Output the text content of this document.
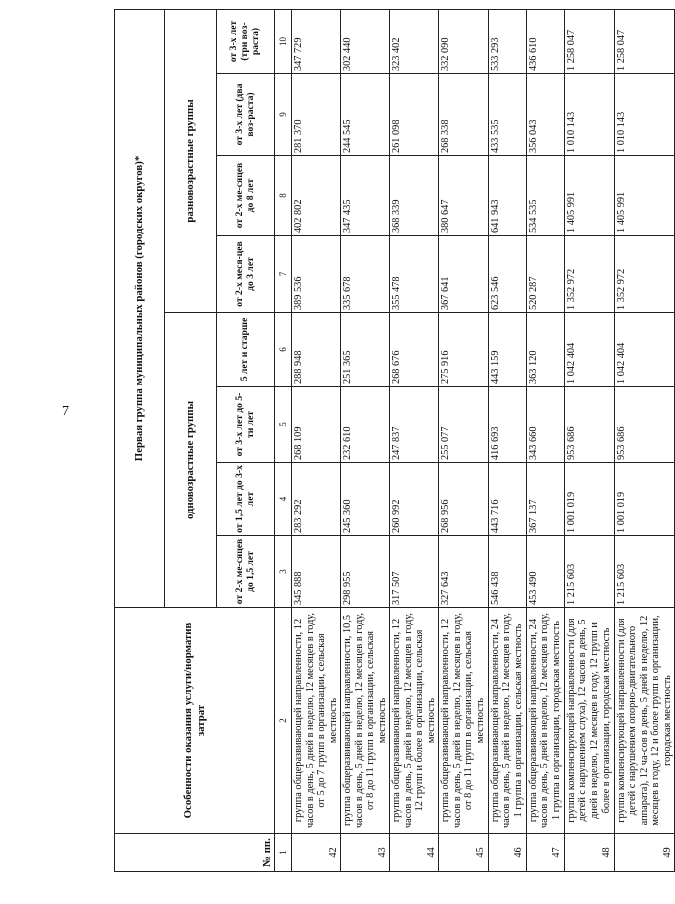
7
№ пп.	Особенности оказания услуги/норматив затрат	Первая группа муниципальных районов (городских округов)*							
		одновозрастные группы				разновозрастные группы			
		от 2-х ме-сяцев до 1,5 лет	от 1,5 лет до 3-х лет	от 3-х лет до 5-ти лет	5 лет и старше	от 2-х меся-цев до 3 лет	от 2-х ме-сяцев до 8 лет	от 3-х лет (два воз-раста)	от 3-х лет (три воз-раста)
1	2	3	4	5	6	7	8	9	10
42	группа общеразвивающей направленности, 12 часов в день, 5 дней в неделю, 12 месяцев в году, от 5 до 7 групп в организации, сельская местность	345 888	283 292	268 109	288 948	389 536	402 802	281 370	347 729
43	группа общеразвивающей направленности, 10,5 часов в день, 5 дней в неделю, 12 месяцев в году, от 8 до 11 групп в организации, сельская местность	298 955	245 360	232 610	251 365	335 678	347 435	244 545	302 440
44	группа общеразвивающей направленности, 12 часов в день, 5 дней в неделю, 12 месяцев в году, 12 групп и более в организации, сельская местность	317 507	260 992	247 837	268 676	355 478	368 339	261 098	323 402
45	группа общеразвивающей направленности, 12 часов в день, 5 дней в неделю, 12 месяцев в году, от 8 до 11 групп в организации, сельская местность	327 643	268 956	255 077	275 916	367 641	380 647	268 338	332 090
46	группа общеразвивающей направленности, 24 часов в день, 5 дней в неделю, 12 месяцев в году, 1 группа в организации, сельская местность	546 438	443 716	416 693	443 159	623 546	641 943	433 535	533 293
47	группа общеразвивающей направленности, 24 часов в день, 5 дней в неделю, 12 месяцев в году, 1 группа в организации, городская местность	453 490	367 137	343 660	363 120	520 287	534 535	356 043	436 610
48	группа компенсирующей направленности (для детей с нарушением слуха), 12 часов в день, 5 дней в неделю, 12 месяцев в году, 12 групп и более в организации, городская местность	1 215 603	1 001 019	953 686	1 042 404	1 352 972	1 405 991	1 010 143	1 258 047
49	группа компенсирующей направленности (для детей с нарушением опорно-двигательного аппарата), 12 ча-сов в день, 5 дней в неделю, 12 месяцев в году, 12 и более групп в организации, городская местность	1 215 603	1 001 019	953 686	1 042 404	1 352 972	1 405 991	1 010 143	1 258 047
